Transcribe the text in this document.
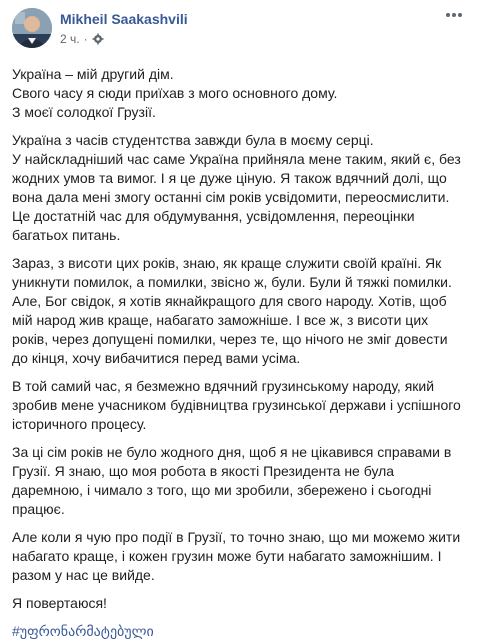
Mikheil Saakashvili
2 ч. ·
Україна – мій другий дім.
Свого часу я сюди приїхав з мого основного дому.
З моєї солодкої Грузії.
Україна з часів студентства завжди була в моєму серці.
У найскладніший час саме Україна прийняла мене таким, який є, без
жодних умов та вимог. І я це дуже ціную. Я також вдячний долі, що
вона дала мені змогу останні сім років усвідомити, переосмислити.
Це достатній час для обдумування, усвідомлення, переоцінки
багатьох питань.
Зараз, з висоти цих років, знаю, як краще служити своїй країні. Як
уникнути помилок, а помилки, звісно ж, були. Були й тяжкі помилки.
Але, Бог свідок, я хотів якнайкращого для свого народу. Хотів, щоб
мій народ жив краще, набагато заможніше. І все ж, з висоти цих
років, через допущені помилки, через те, що нічого не зміг довести
до кінця, хочу вибачитися перед вами усіма.
В той самий час, я безмежно вдячний грузинському народу, який
зробив мене учасником будівництва грузинської держави і успішного
історичного процесу.
За ці сім років не було жодного дня, щоб я не цікавився справами в
Грузії. Я знаю, що моя робота в якості Президента не була
даремною, і чимало з того, що ми зробили, збережено і сьогодні
працює.
Але коли я чую про події в Грузії, то точно знаю, що ми можемо жити
набагато краще, і кожен грузин може бути набагато заможнішим. І
разом у нас це вийде.
Я повертаюся!
#უფრონარმატებული
